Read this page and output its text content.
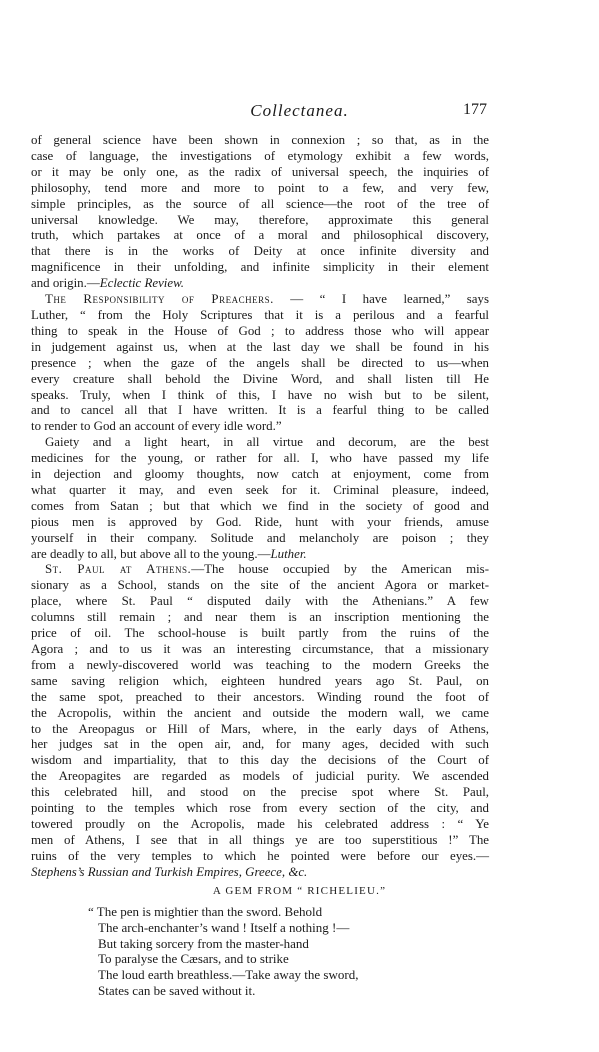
Collectanea.	177
of general science have been shown in connexion ; so that, as in the
case of language, the investigations of etymology exhibit a few words,
or it may be only one, as the radix of universal speech, the inquiries of
philosophy, tend more and more to point to a few, and very few,
simple principles, as the source of all science—the root of the tree of
universal knowledge. We may, therefore, approximate this general
truth, which partakes at once of a moral and philosophical discovery,
that there is in the works of Deity at once infinite diversity and
magnificence in their unfolding, and infinite simplicity in their element
and origin.—Eclectic Review.
The Responsibility of Preachers. — “ I have learned,” says
Luther, “ from the Holy Scriptures that it is a perilous and a fearful
thing to speak in the House of God ; to address those who will appear
in judgement against us, when at the last day we shall be found in his
presence ; when the gaze of the angels shall be directed to us—when
every creature shall behold the Divine Word, and shall listen till He
speaks. Truly, when I think of this, I have no wish but to be silent,
and to cancel all that I have written. It is a fearful thing to be called
to render to God an account of every idle word.”
Gaiety and a light heart, in all virtue and decorum, are the best
medicines for the young, or rather for all. I, who have passed my life
in dejection and gloomy thoughts, now catch at enjoyment, come from
what quarter it may, and even seek for it. Criminal pleasure, indeed,
comes from Satan ; but that which we find in the society of good and
pious men is approved by God. Ride, hunt with your friends, amuse
yourself in their company. Solitude and melancholy are poison ; they
are deadly to all, but above all to the young.—Luther.
St. Paul at Athens.—The house occupied by the American mis-
sionary as a School, stands on the site of the ancient Agora or market-
place, where St. Paul “ disputed daily with the Athenians.” A few
columns still remain ; and near them is an inscription mentioning the
price of oil. The school-house is built partly from the ruins of the
Agora ; and to us it was an interesting circumstance, that a missionary
from a newly-discovered world was teaching to the modern Greeks the
same saving religion which, eighteen hundred years ago St. Paul, on
the same spot, preached to their ancestors. Winding round the foot of
the Acropolis, within the ancient and outside the modern wall, we came
to the Areopagus or Hill of Mars, where, in the early days of Athens,
her judges sat in the open air, and, for many ages, decided with such
wisdom and impartiality, that to this day the decisions of the Court of
the Areopagites are regarded as models of judicial purity. We ascended
this celebrated hill, and stood on the precise spot where St. Paul,
pointing to the temples which rose from every section of the city, and
towered proudly on the Acropolis, made his celebrated address : “ Ye
men of Athens, I see that in all things ye are too superstitious !” The
ruins of the very temples to which he pointed were before our eyes.—
Stephens’s Russian and Turkish Empires, Greece, &c.
A GEM FROM “ RICHELIEU.”
“ The pen is mightier than the sword. Behold
The arch-enchanter’s wand ! Itself a nothing !—
But taking sorcery from the master-hand
To paralyse the Cæsars, and to strike
The loud earth breathless.—Take away the sword,
States can be saved without it.
